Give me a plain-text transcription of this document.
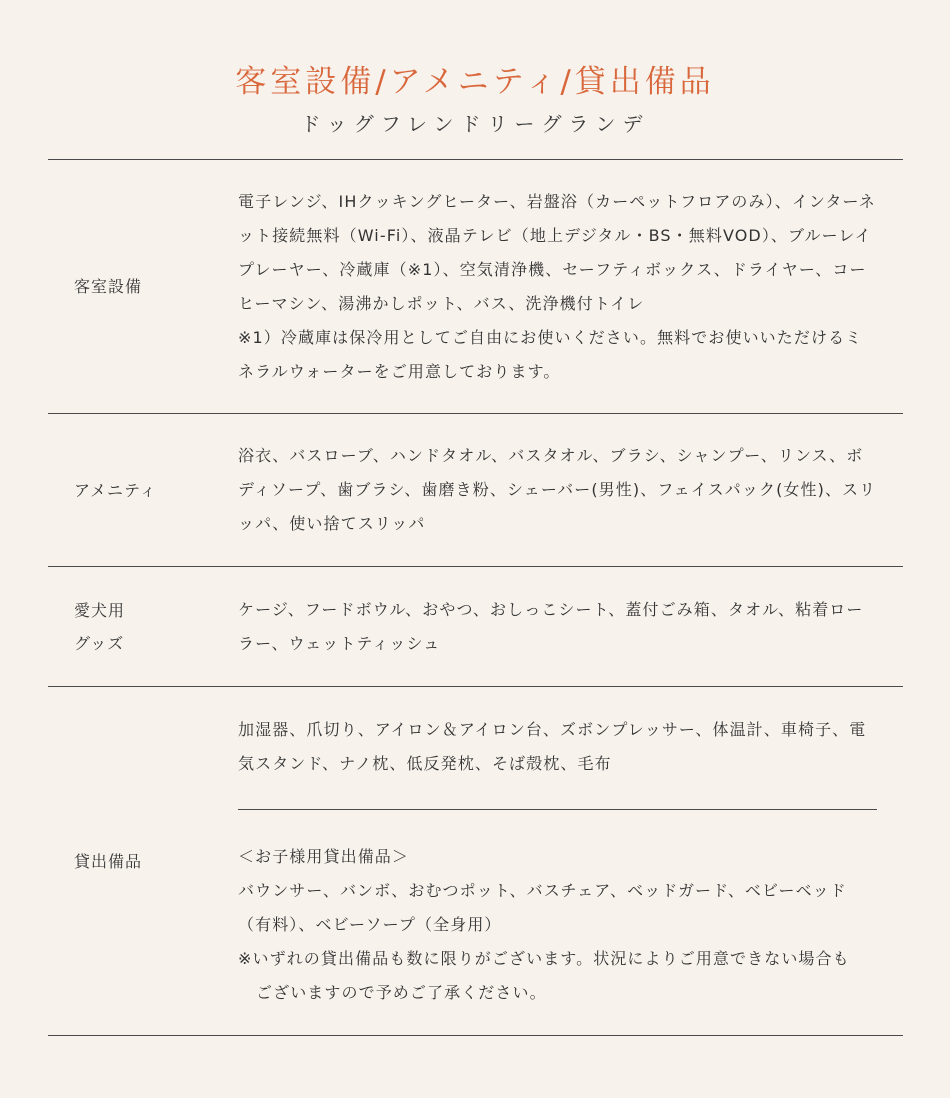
客室設備/アメニティ/貸出備品
ドッグフレンドリーグランデ
客室設備

電子レンジ、IHクッキングヒーター、岩盤浴（カーペットフロアのみ）、インターネット接続無料（Wi-Fi）、液晶テレビ（地上デジタル・BS・無料VOD）、ブルーレイプレーヤー、冷蔵庫（※1）、空気清浄機、セーフティボックス、ドライヤー、コーヒーマシン、湯沸かしポット、バス、洗浄機付トイレ

※1）冷蔵庫は保冷用としてご自由にお使いください。無料でお使いいただけるミネラルウォーターをご用意しております。

アメニティ

浴衣、バスローブ、ハンドタオル、バスタオル、ブラシ、シャンプー、リンス、ボディソープ、歯ブラシ、歯磨き粉、シェーバー(男性)、フェイスパック(女性)、スリッパ、使い捨てスリッパ

愛犬用
グッズ

ケージ、フードボウル、おやつ、おしっこシート、蓋付ごみ箱、タオル、粘着ローラー、ウェットティッシュ

貸出備品

加湿器、爪切り、アイロン＆アイロン台、ズボンプレッサー、体温計、車椅子、電気スタンド、ナノ枕、低反発枕、そば殻枕、毛布

＜お子様用貸出備品＞

バウンサー、バンボ、おむつポット、バスチェア、ベッドガード、ベビーベッド（有料）、ベビーソープ（全身用）

※いずれの貸出備品も数に限りがございます。状況によりご用意できない場合も

ございますので予めご了承ください。
